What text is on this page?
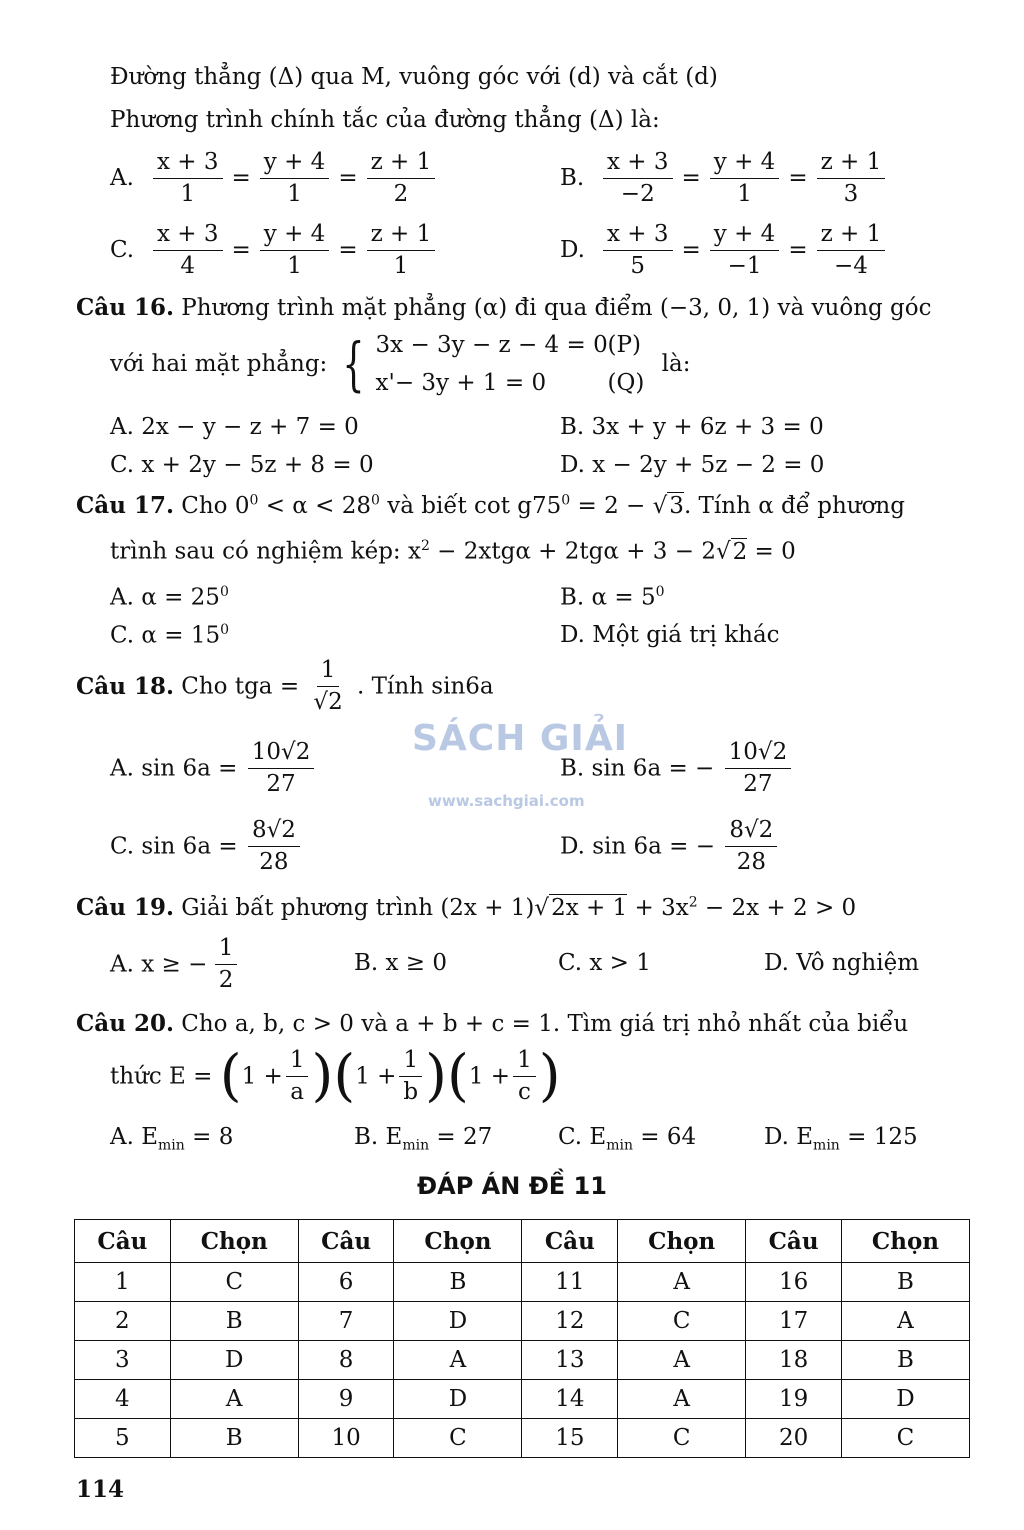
Đường thẳng (Δ) qua M, vuông góc với (d) và cắt (d)
Phương trình chính tắc của đường thẳng (Δ) là:
A. $\frac{x + 3}{1} = \frac{y + 4}{1} = \frac{z + 1}{2}$	B. $\frac{x + 3}{-2} = \frac{y + 4}{1} = \frac{z + 1}{3}$
C. $\frac{x + 3}{4} = \frac{y + 4}{1} = \frac{z + 1}{1}$	D. $\frac{x + 3}{5} = \frac{y + 4}{-1} = \frac{z + 1}{-4}$
Câu 16. Phương trình mặt phẳng (α) đi qua điểm (−3, 0, 1) và vuông góc
với hai mặt phẳng: { 3x − 3y − z − 4 = 0 (P)
x'− 3y + 1 = 0	(Q)
là:
A. 2x − y − z + 7 = 0	B. 3x + y + 6z + 3 = 0
C. x + 2y − 5z + 8 = 0	D. x − 2y + 5z − 2 = 0
Câu 17. Cho $0^0 < \alpha < 28^0$ và biết $\cot g75^0 = 2 - √3$. Tính α để phương
trình sau có nghiệm kép: $x^2 - 2xtg\alpha + 2tg\alpha + 3 - 2√2 = 0$
A. $\alpha = 25^0$	B. $\alpha = 5^0$
C. $\alpha = 15^0$	D. Một giá trị khác
Câu 18. Cho tga = $\frac{1}{√2}$ . Tính sin6a
SÁCH GIẢI
www.sachgiai.com
A. $\sin 6a = \frac{10√2}{27}$	B. sin 6a = − $\frac{10√2}{27}$
C. $\sin 6a = \frac{8√2}{28}$	D. sin 6a = − $\frac{8√2}{28}$
Câu 19. Giải bất phương trình $(2x + 1)√2x + 1 + 3x^2 - 2x + 2 > 0$
A. x ≥ − $\frac{1}{2}$	B. x ≥ 0	C. x > 1	D. Vô nghiệm
Câu 20. Cho a, b, c > 0 và a + b + c = 1. Tìm giá trị nhỏ nhất của biểu
thức $E = (1 + \frac{1}{a} )(1 + \frac{1}{b} )(1 + \frac{1}{c}$ )
A. $E_{min} = 8$	B. $E_{min} = 27$	C. $E_{min} = 64$	D. $E_{min} = 125$
ĐÁP ÁN ĐỀ 11
Câu	Chọn	Câu	Chọn	Câu	Chọn	Câu	Chọn
1	C	6	B	11	A	16	B
2	B	7	D	12	C	17	A
3	D	8	A	13	A	18	B
4	A	9	D	14	A	19	D
5	B	10	C	15	C	20	C
114
